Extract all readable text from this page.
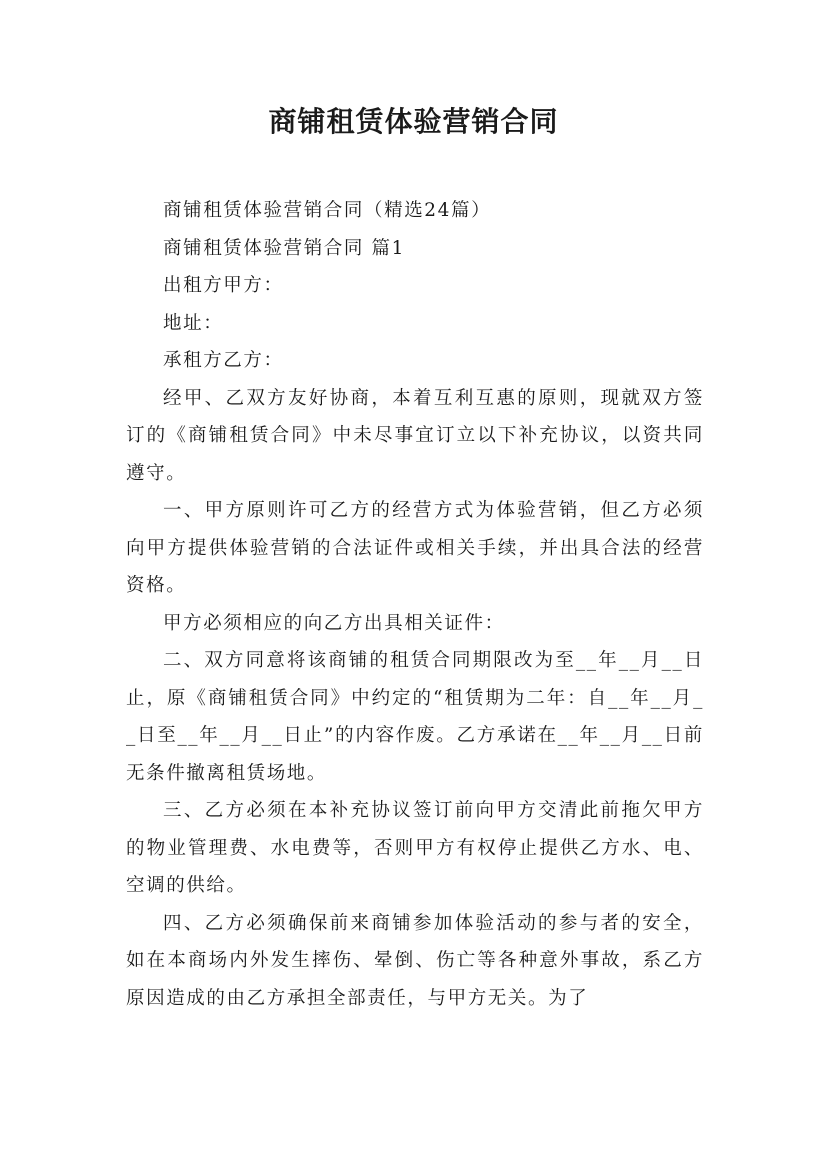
商铺租赁体验营销合同

商铺租赁体验营销合同（精选24篇）

商铺租赁体验营销合同 篇1

出租方甲方：

地址：

承租方乙方：

经甲、乙双方友好协商，本着互利互惠的原则，现就双方签订的《商铺租赁合同》中未尽事宜订立以下补充协议，以资共同遵守。

一、甲方原则许可乙方的经营方式为体验营销，但乙方必须向甲方提供体验营销的合法证件或相关手续，并出具合法的经营资格。

甲方必须相应的向乙方出具相关证件：

二、双方同意将该商铺的租赁合同期限改为至__年__月__日止，原《商铺租赁合同》中约定的“租赁期为二年：自__年__月__日至__年__月__日止”的内容作废。乙方承诺在__年__月__日前无条件撤离租赁场地。

三、乙方必须在本补充协议签订前向甲方交清此前拖欠甲方的物业管理费、水电费等，否则甲方有权停止提供乙方水、电、空调的供给。

四、乙方必须确保前来商铺参加体验活动的参与者的安全，如在本商场内外发生摔伤、晕倒、伤亡等各种意外事故，系乙方原因造成的由乙方承担全部责任，与甲方无关。为了
